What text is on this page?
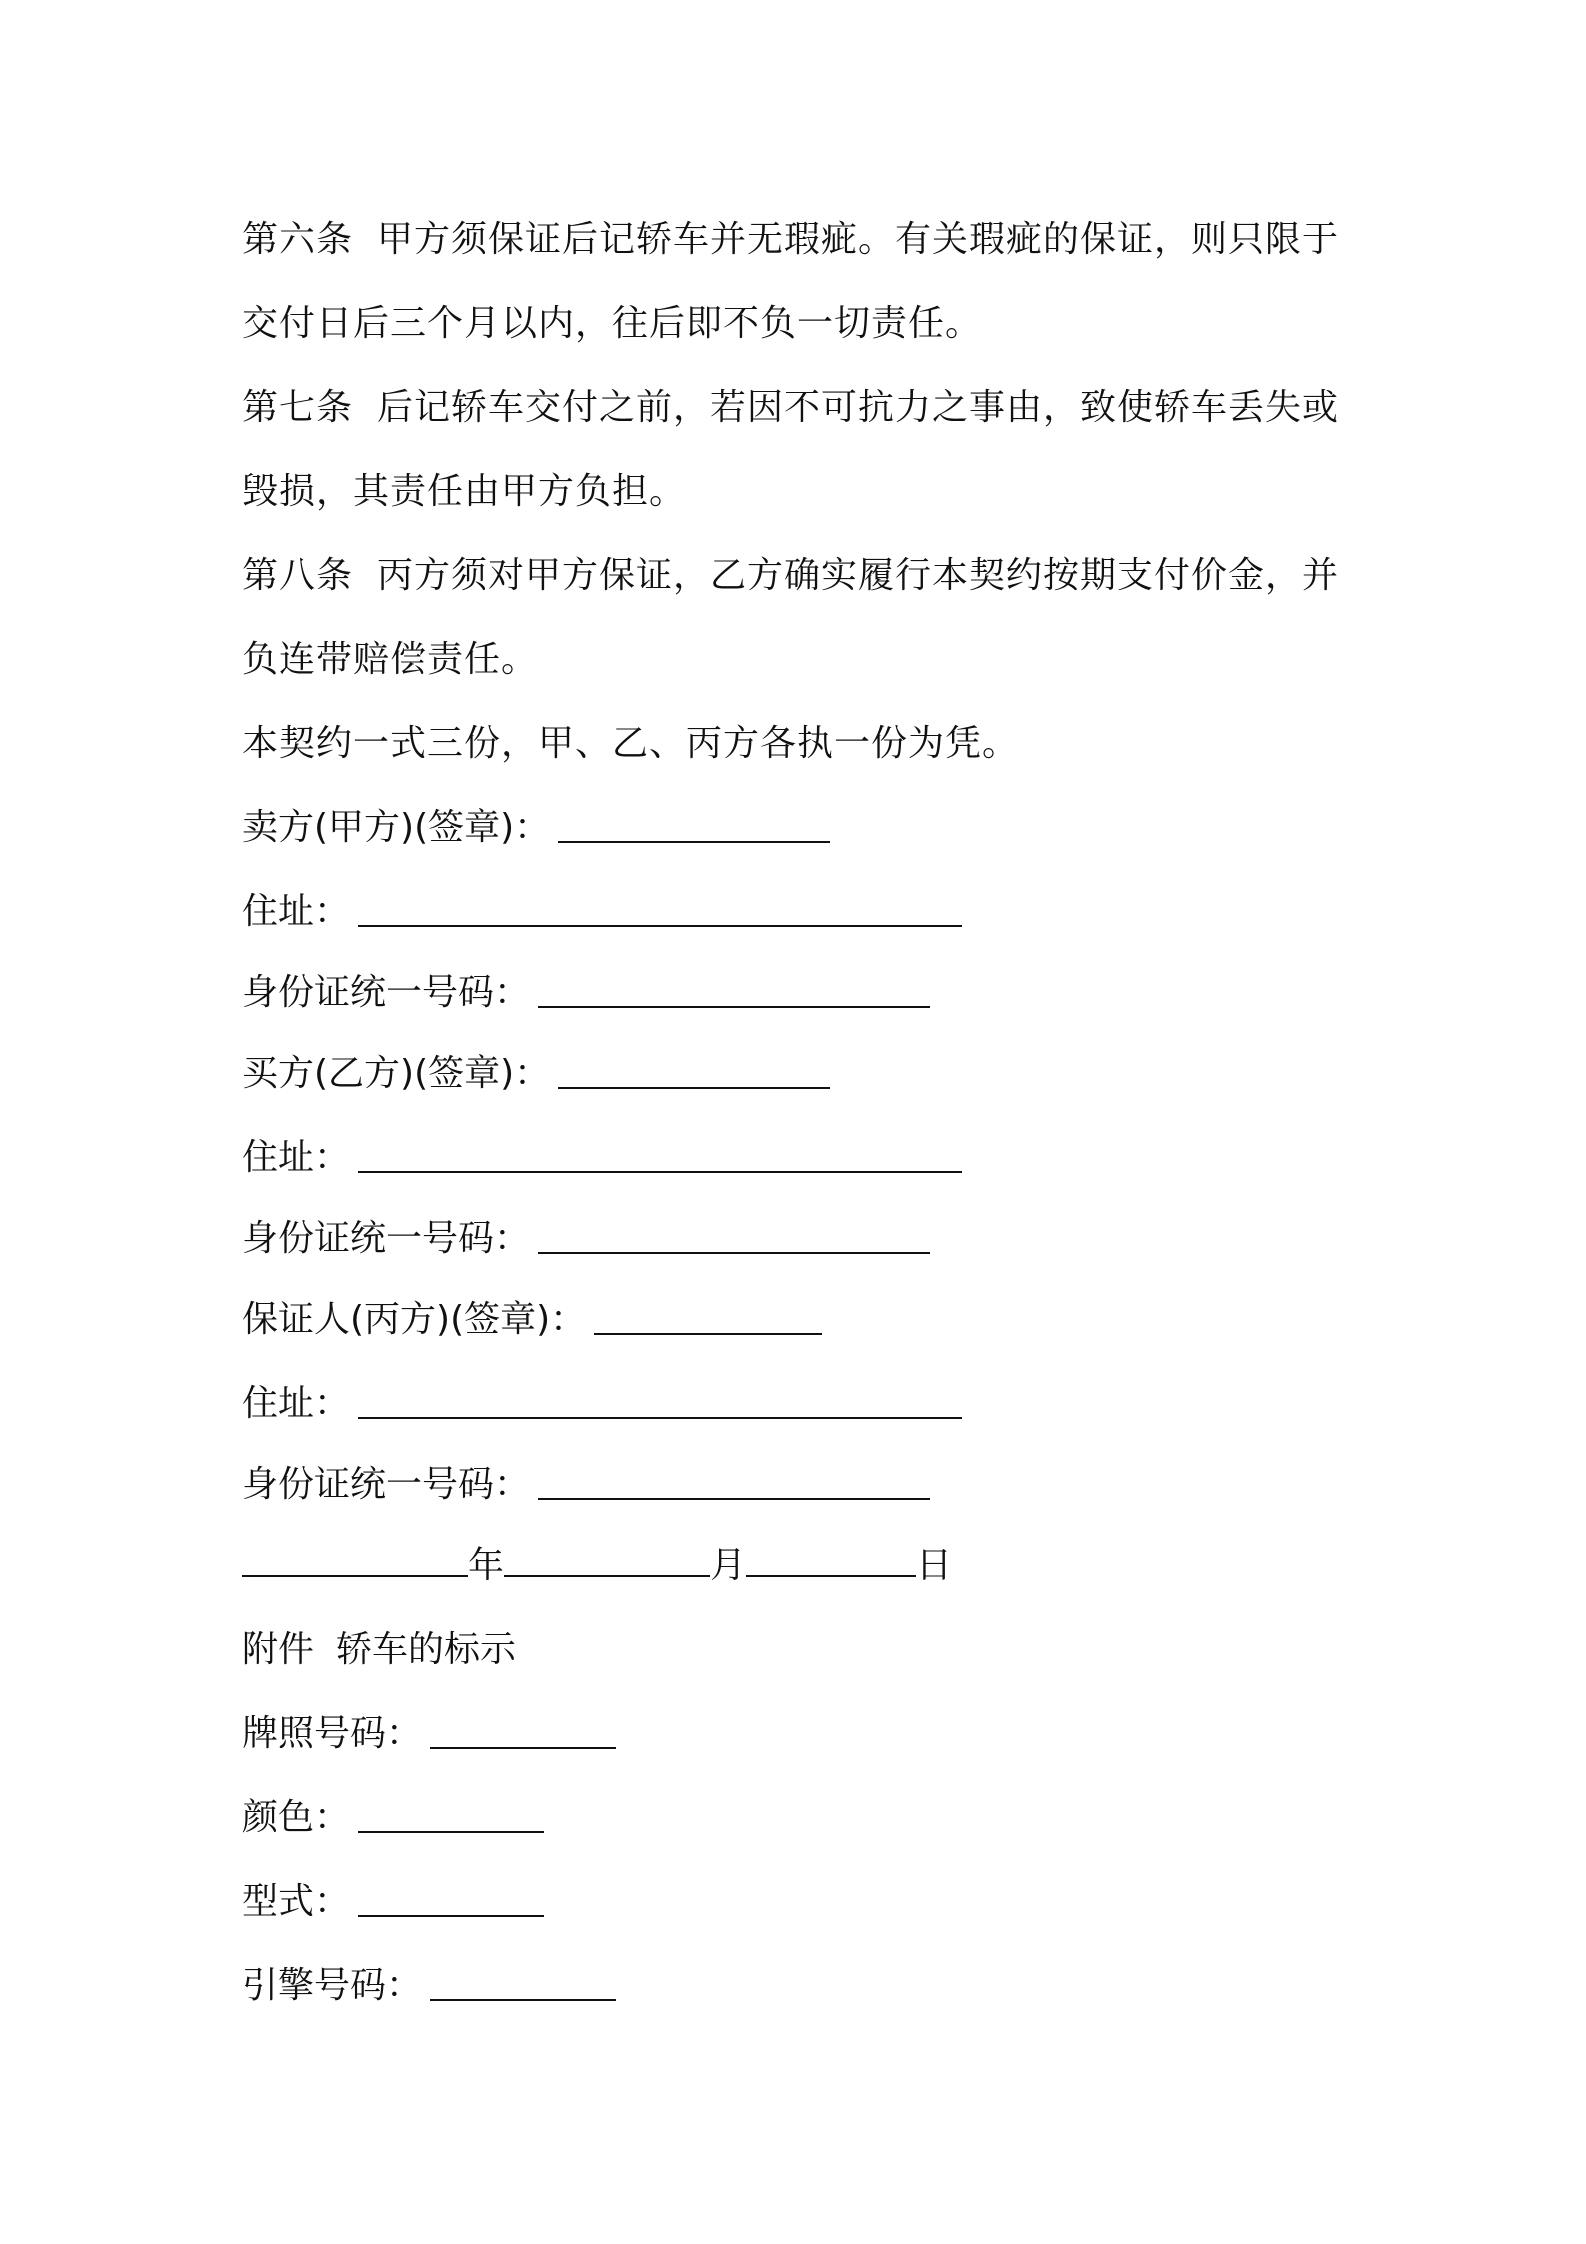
第六条 甲方须保证后记轿车并无瑕疵。有关瑕疵的保证，则只限于
交付日后三个月以内，往后即不负一切责任。

第七条 后记轿车交付之前，若因不可抗力之事由，致使轿车丢失或
毁损，其责任由甲方负担。

第八条 丙方须对甲方保证，乙方确实履行本契约按期支付价金，并
负连带赔偿责任。

本契约一式三份，甲、乙、丙方各执一份为凭。

卖方(甲方)(签章)：
住址：
身份证统一号码：
买方(乙方)(签章)：
住址：
身份证统一号码：
保证人(丙方)(签章)：
住址：
身份证统一号码：
年	月	日
附件 轿车的标示
牌照号码：
颜色：
型式：
引擎号码：
